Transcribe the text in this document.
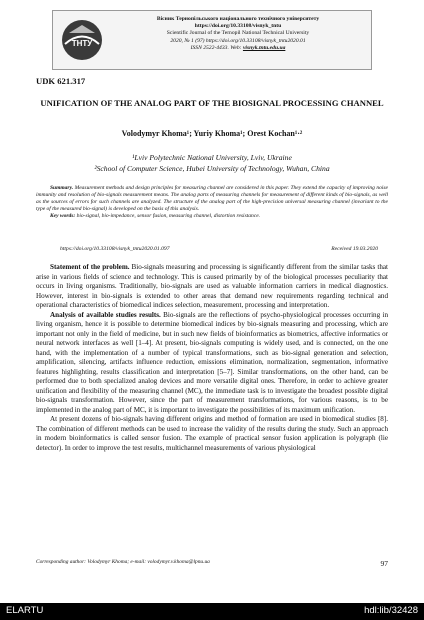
ТНТУ
Вісник Тернопільського національного технічного університету
https://doi.org/10.33108/visnyk_tntu
Scientific Journal of the Ternopil National Technical University
2020, № 1 (97) https://doi.org/10.33108/visnyk_tntu2020.01
ISSN 2522-4433. Web: visnyk.tntu.edu.ua
UDK 621.317
UNIFICATION OF THE ANALOG PART OF THE BIOSIGNAL PROCESSING CHANNEL
Volodymyr Khoma¹; Yuriy Khoma¹; Orest Kochan¹·²
¹Lviv Polytechnic National University, Lviv, Ukraine
²School of Computer Science, Hubei University of Technology, Wuhan, China
Summary. Measurement methods and design principles for measuring channel are considered in this paper. They extend the capacity of improving noise immunity and resolution of bio-signals measurement means. The analog parts of measuring channels for measurement of different kinds of bio-signals, as well as the sources of errors for such channels are analyzed. The structure of the analog part of the high-precision universal measuring channel (invariant to the type of the measured bio-signal) is developed on the basis of this analysis.
Key words: bio-signal, bio-impedance, sensor fusion, measuring channel, distortion resistance.
https://doi.org/10.33108/visnyk_tntu2020.01.097	Received 19.03.2020

Statement of the problem. Bio-signals measuring and processing is significantly different from the similar tasks that arise in various fields of science and technology. This is caused primarily by of the biological processes peculiarity that occurs in living organisms. Traditionally, bio-signals are used as valuable information carriers in medical diagnostics. However, interest in bio-signals is extended to other areas that demand new requirements regarding technical and operational characteristics of biomedical indices selection, measurement, processing and interpretation.

Analysis of available studies results. Bio-signals are the reflections of psycho-physiological processes occurring in living organism, hence it is possible to determine biomedical indices by bio-signals measuring and processing, which are important not only in the field of medicine, but in such new fields of bioinformatics as biometrics, affective informatics or neural network interfaces as well [1–4]. At present, bio-signals computing is widely used, and is connected, on the one hand, with the implementation of a number of typical transformations, such as bio-signal generation and selection, amplification, silencing, artifacts influence reduction, emissions elimination, normalization, segmentation, informative features highlighting, results classification and interpretation [5–7]. Similar transformations, on the other hand, can be performed due to both specialized analog devices and more versatile digital ones. Therefore, in order to achieve greater unification and flexibility of the measuring channel (MC), the immediate task is to investigate the broadest possible digital bio-signals transformation. However, since the part of measurement transformations, for various reasons, is to be implemented in the analog part of MC, it is important to investigate the possibilities of its maximum unification.

At present dozens of bio-signals having different origins and method of formation are used in biomedical studies [8]. The combination of different methods can be used to increase the validity of the results during the study. Such an approach in modern bioinformatics is called sensor fusion. The example of practical sensor fusion application is polygraph (lie detector). In order to improve the test results, multichannel measurements of various physiological

Corresponding author: Volodymyr Khoma; e-mail: volodymyr.v.khoma@lpnu.ua	97
ELARTU	hdl:lib/32428
